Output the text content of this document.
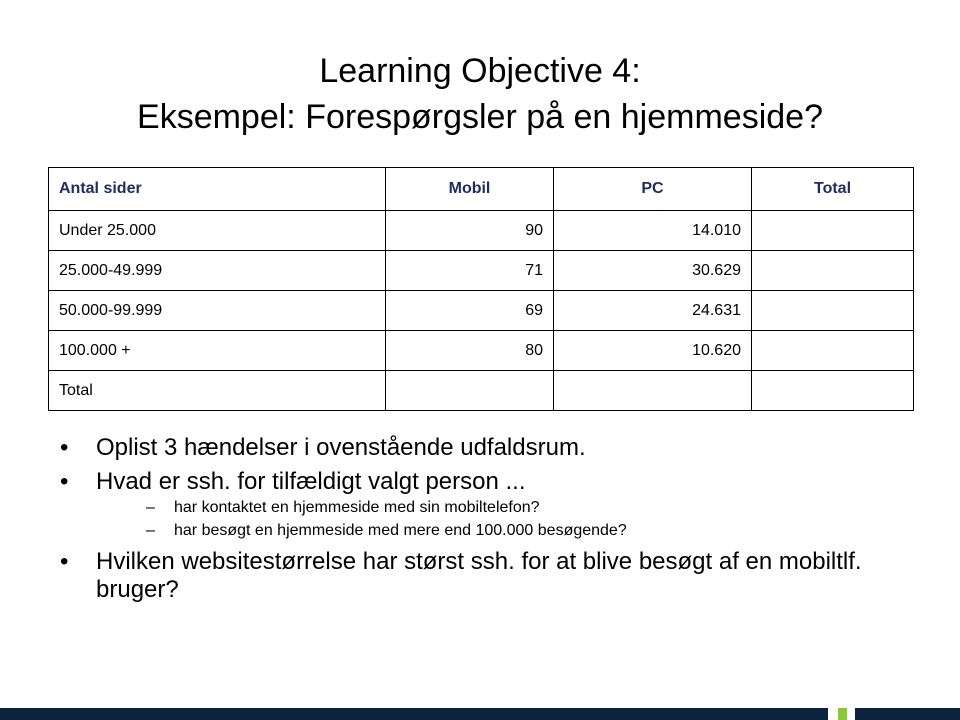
Learning Objective 4:
Eksempel: Forespørgsler på en hjemmeside?
Antal sider	Mobil	PC	Total
Under 25.000	90	14.010	
25.000-49.999	71	30.629	
50.000-99.999	69	24.631	
100.000 +	80	10.620	
Total			
• Oplist 3 hændelser i ovenstående udfaldsrum.
• Hvad er ssh. for tilfældigt valgt person ...
– har kontaktet en hjemmeside med sin mobiltelefon?
– har besøgt en hjemmeside med mere end 100.000 besøgende?
• Hvilken websitestørrelse har størst ssh. for at blive besøgt af en mobiltlf. bruger?
